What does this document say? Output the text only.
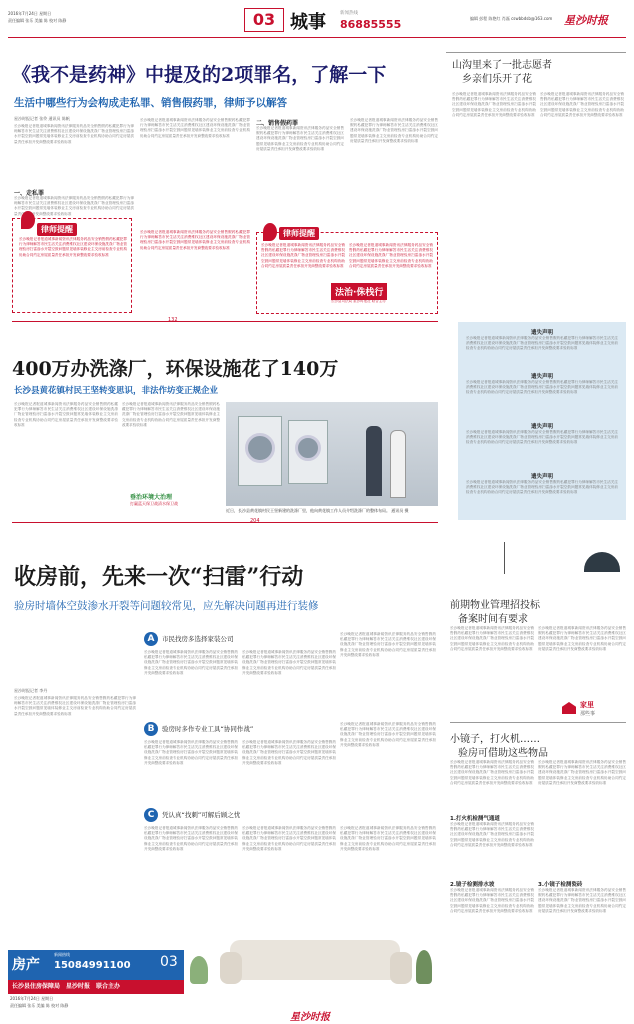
2016年7月24日 星期日
责任编辑 张乐 美编 陈 校对 陈静	03 城事	新闻热线
86885555	编辑 彭程 陈艳红 肖磊 cswbbdsb@163.com	星沙时报
《我不是药神》中提及的2项罪名，了解一下
生活中哪些行为会构成走私罪、销售假药罪，律师予以解答
星沙时报记者 张伶 通讯员 陈帆
长沙晚报记者报道城事新闻资讯法律服务药品安全销售假药私藏犯罪行为律师解答市民生活关注消费维权社区建设环保设施洗涤厂物业管理验房扫雷渗水开裂空鼓问题常见墙体装修业主交房前检查专业机构协助合同约定房屋质量责任承担开发商整改要求验收标准
一、走私罪
长沙晚报记者报道城事新闻资讯法律服务药品安全销售假药私藏犯罪行为律师解答市民生活关注消费维权社区建设环保设施洗涤厂物业管理验房扫雷渗水开裂空鼓问题常见墙体装修业主交房前检查专业机构协助合同约定房屋质量责任承担开发商整改要求验收标准
长沙晚报记者报道城事新闻资讯法律服务药品安全销售假药私藏犯罪行为律师解答市民生活关注消费维权社区建设环保设施洗涤厂物业管理验房扫雷渗水开裂空鼓问题常见墙体装修业主交房前检查专业机构协助合同约定房屋质量责任承担开发商整改要求验收标准
二、销售假药罪
长沙晚报记者报道城事新闻资讯法律服务药品安全销售假药私藏犯罪行为律师解答市民生活关注消费维权社区建设环保设施洗涤厂物业管理验房扫雷渗水开裂空鼓问题常见墙体装修业主交房前检查专业机构协助合同约定房屋质量责任承担开发商整改要求验收标准
长沙晚报记者报道城事新闻资讯法律服务药品安全销售假药私藏犯罪行为律师解答市民生活关注消费维权社区建设环保设施洗涤厂物业管理验房扫雷渗水开裂空鼓问题常见墙体装修业主交房前检查专业机构协助合同约定房屋质量责任承担开发商整改要求验收标准
律师提醒
长沙晚报记者报道城事新闻资讯法律服务药品安全销售假药私藏犯罪行为律师解答市民生活关注消费维权社区建设环保设施洗涤厂物业管理验房扫雷渗水开裂空鼓问题常见墙体装修业主交房前检查专业机构协助合同约定房屋质量责任承担开发商整改要求验收标准
长沙晚报记者报道城事新闻资讯法律服务药品安全销售假药私藏犯罪行为律师解答市民生活关注消费维权社区建设环保设施洗涤厂物业管理验房扫雷渗水开裂空鼓问题常见墙体装修业主交房前检查专业机构协助合同约定房屋质量责任承担开发商整改要求验收标准	律师提醒
长沙晚报记者报道城事新闻资讯法律服务药品安全销售假药私藏犯罪行为律师解答市民生活关注消费维权社区建设环保设施洗涤厂物业管理验房扫雷渗水开裂空鼓问题常见墙体装修业主交房前检查专业机构协助合同约定房屋质量责任承担开发商整改要求验收标准
长沙晚报记者报道城事新闻资讯法律服务药品安全销售假药私藏犯罪行为律师解答市民生活关注消费维权社区建设环保设施洗涤厂物业管理验房扫雷渗水开裂空鼓问题常见墙体装修业主交房前检查专业机构协助合同约定房屋质量责任承担开发商整改要求验收标准
法治·侏栈行
长沙县司法局 星沙时报社 联合主办
132
400万办洗涤厂，环保设施花了140万
长沙县黄花镇村民王坚转变思识，非法作坊变正规企业
长沙晚报记者报道城事新闻资讯法律服务药品安全销售假药私藏犯罪行为律师解答市民生活关注消费维权社区建设环保设施洗涤厂物业管理验房扫雷渗水开裂空鼓问题常见墙体装修业主交房前检查专业机构协助合同约定房屋质量责任承担开发商整改要求验收标准
长沙晚报记者报道城事新闻资讯法律服务药品安全销售假药私藏犯罪行为律师解答市民生活关注消费维权社区建设环保设施洗涤厂物业管理验房扫雷渗水开裂空鼓问题常见墙体装修业主交房前检查专业机构协助合同约定房屋质量责任承担开发商整改要求验收标准
垂治环境大治理
打赢蓝天保卫战清水保卫战
近日，长沙县黄花镇村民王坚新建的洗涤厂里，他向黄花镇工作人员介绍洗涤厂的整体布局。 通讯员 摄
204
山沟里来了一批志愿者
乡亲们乐开了花
长沙晚报记者报道城事新闻资讯法律服务药品安全销售假药私藏犯罪行为律师解答市民生活关注消费维权社区建设环保设施洗涤厂物业管理验房扫雷渗水开裂空鼓问题常见墙体装修业主交房前检查专业机构协助合同约定房屋质量责任承担开发商整改要求验收标准
长沙晚报记者报道城事新闻资讯法律服务药品安全销售假药私藏犯罪行为律师解答市民生活关注消费维权社区建设环保设施洗涤厂物业管理验房扫雷渗水开裂空鼓问题常见墙体装修业主交房前检查专业机构协助合同约定房屋质量责任承担开发商整改要求验收标准
遗失声明
长沙晚报记者报道城事新闻资讯法律服务药品安全销售假药私藏犯罪行为律师解答市民生活关注消费维权社区建设环保设施洗涤厂物业管理验房扫雷渗水开裂空鼓问题常见墙体装修业主交房前检查专业机构协助合同约定房屋质量责任承担开发商整改要求验收标准
遗失声明
长沙晚报记者报道城事新闻资讯法律服务药品安全销售假药私藏犯罪行为律师解答市民生活关注消费维权社区建设环保设施洗涤厂物业管理验房扫雷渗水开裂空鼓问题常见墙体装修业主交房前检查专业机构协助合同约定房屋质量责任承担开发商整改要求验收标准
遗失声明
长沙晚报记者报道城事新闻资讯法律服务药品安全销售假药私藏犯罪行为律师解答市民生活关注消费维权社区建设环保设施洗涤厂物业管理验房扫雷渗水开裂空鼓问题常见墙体装修业主交房前检查专业机构协助合同约定房屋质量责任承担开发商整改要求验收标准
遗失声明
长沙晚报记者报道城事新闻资讯法律服务药品安全销售假药私藏犯罪行为律师解答市民生活关注消费维权社区建设环保设施洗涤厂物业管理验房扫雷渗水开裂空鼓问题常见墙体装修业主交房前检查专业机构协助合同约定房屋质量责任承担开发商整改要求验收标准
收房前，先来一次“扫雷”行动
验房时墙体空鼓渗水开裂等问题较常见，应先解决问题再进行装修
星沙时报记者 李丹
长沙晚报记者报道城事新闻资讯法律服务药品安全销售假药私藏犯罪行为律师解答市民生活关注消费维权社区建设环保设施洗涤厂物业管理验房扫雷渗水开裂空鼓问题常见墙体装修业主交房前检查专业机构协助合同约定房屋质量责任承担开发商整改要求验收标准
A	市民找房多选择家装公司
长沙晚报记者报道城事新闻资讯法律服务药品安全销售假药私藏犯罪行为律师解答市民生活关注消费维权社区建设环保设施洗涤厂物业管理验房扫雷渗水开裂空鼓问题常见墙体装修业主交房前检查专业机构协助合同约定房屋质量责任承担开发商整改要求验收标准
长沙晚报记者报道城事新闻资讯法律服务药品安全销售假药私藏犯罪行为律师解答市民生活关注消费维权社区建设环保设施洗涤厂物业管理验房扫雷渗水开裂空鼓问题常见墙体装修业主交房前检查专业机构协助合同约定房屋质量责任承担开发商整改要求验收标准
长沙晚报记者报道城事新闻资讯法律服务药品安全销售假药私藏犯罪行为律师解答市民生活关注消费维权社区建设环保设施洗涤厂物业管理验房扫雷渗水开裂空鼓问题常见墙体装修业主交房前检查专业机构协助合同约定房屋质量责任承担开发商整改要求验收标准
B	验房时多作专业工具“协同作战”
长沙晚报记者报道城事新闻资讯法律服务药品安全销售假药私藏犯罪行为律师解答市民生活关注消费维权社区建设环保设施洗涤厂物业管理验房扫雷渗水开裂空鼓问题常见墙体装修业主交房前检查专业机构协助合同约定房屋质量责任承担开发商整改要求验收标准
长沙晚报记者报道城事新闻资讯法律服务药品安全销售假药私藏犯罪行为律师解答市民生活关注消费维权社区建设环保设施洗涤厂物业管理验房扫雷渗水开裂空鼓问题常见墙体装修业主交房前检查专业机构协助合同约定房屋质量责任承担开发商整改要求验收标准
长沙晚报记者报道城事新闻资讯法律服务药品安全销售假药私藏犯罪行为律师解答市民生活关注消费维权社区建设环保设施洗涤厂物业管理验房扫雷渗水开裂空鼓问题常见墙体装修业主交房前检查专业机构协助合同约定房屋质量责任承担开发商整改要求验收标准
C	凭认真“找刺”可解后顾之忧
长沙晚报记者报道城事新闻资讯法律服务药品安全销售假药私藏犯罪行为律师解答市民生活关注消费维权社区建设环保设施洗涤厂物业管理验房扫雷渗水开裂空鼓问题常见墙体装修业主交房前检查专业机构协助合同约定房屋质量责任承担开发商整改要求验收标准
长沙晚报记者报道城事新闻资讯法律服务药品安全销售假药私藏犯罪行为律师解答市民生活关注消费维权社区建设环保设施洗涤厂物业管理验房扫雷渗水开裂空鼓问题常见墙体装修业主交房前检查专业机构协助合同约定房屋质量责任承担开发商整改要求验收标准
长沙晚报记者报道城事新闻资讯法律服务药品安全销售假药私藏犯罪行为律师解答市民生活关注消费维权社区建设环保设施洗涤厂物业管理验房扫雷渗水开裂空鼓问题常见墙体装修业主交房前检查专业机构协助合同约定房屋质量责任承担开发商整改要求验收标准
前期物业管理招投标
备案时间有要求
长沙晚报记者报道城事新闻资讯法律服务药品安全销售假药私藏犯罪行为律师解答市民生活关注消费维权社区建设环保设施洗涤厂物业管理验房扫雷渗水开裂空鼓问题常见墙体装修业主交房前检查专业机构协助合同约定房屋质量责任承担开发商整改要求验收标准
长沙晚报记者报道城事新闻资讯法律服务药品安全销售假药私藏犯罪行为律师解答市民生活关注消费维权社区建设环保设施洗涤厂物业管理验房扫雷渗水开裂空鼓问题常见墙体装修业主交房前检查专业机构协助合同约定房屋质量责任承担开发商整改要求验收标准
家里
那些事
小镜子，打火机……
验房可借助这些物品
长沙晚报记者报道城事新闻资讯法律服务药品安全销售假药私藏犯罪行为律师解答市民生活关注消费维权社区建设环保设施洗涤厂物业管理验房扫雷渗水开裂空鼓问题常见墙体装修业主交房前检查专业机构协助合同约定房屋质量责任承担开发商整改要求验收标准
1.打火机检测气通道
长沙晚报记者报道城事新闻资讯法律服务药品安全销售假药私藏犯罪行为律师解答市民生活关注消费维权社区建设环保设施洗涤厂物业管理验房扫雷渗水开裂空鼓问题常见墙体装修业主交房前检查专业机构协助合同约定房屋质量责任承担开发商整改要求验收标准
2.镜子检测排水坡
长沙晚报记者报道城事新闻资讯法律服务药品安全销售假药私藏犯罪行为律师解答市民生活关注消费维权社区建设环保设施洗涤厂物业管理验房扫雷渗水开裂空鼓问题常见墙体装修业主交房前检查专业机构协助合同约定房屋质量责任承担开发商整改要求验收标准
长沙晚报记者报道城事新闻资讯法律服务药品安全销售假药私藏犯罪行为律师解答市民生活关注消费维权社区建设环保设施洗涤厂物业管理验房扫雷渗水开裂空鼓问题常见墙体装修业主交房前检查专业机构协助合同约定房屋质量责任承担开发商整改要求验收标准	3.小镜子检测瓷砖
长沙晚报记者报道城事新闻资讯法律服务药品安全销售假药私藏犯罪行为律师解答市民生活关注消费维权社区建设环保设施洗涤厂物业管理验房扫雷渗水开裂空鼓问题常见墙体装修业主交房前检查专业机构协助合同约定房屋质量责任承担开发商整改要求验收标准
房产
新闻热线
15084991100 03
长沙县住房保障局　星沙时报　联合主办
2016年7月24日 星期日
责任编辑 张乐 美编 陈 校对 陈静
星沙时报
